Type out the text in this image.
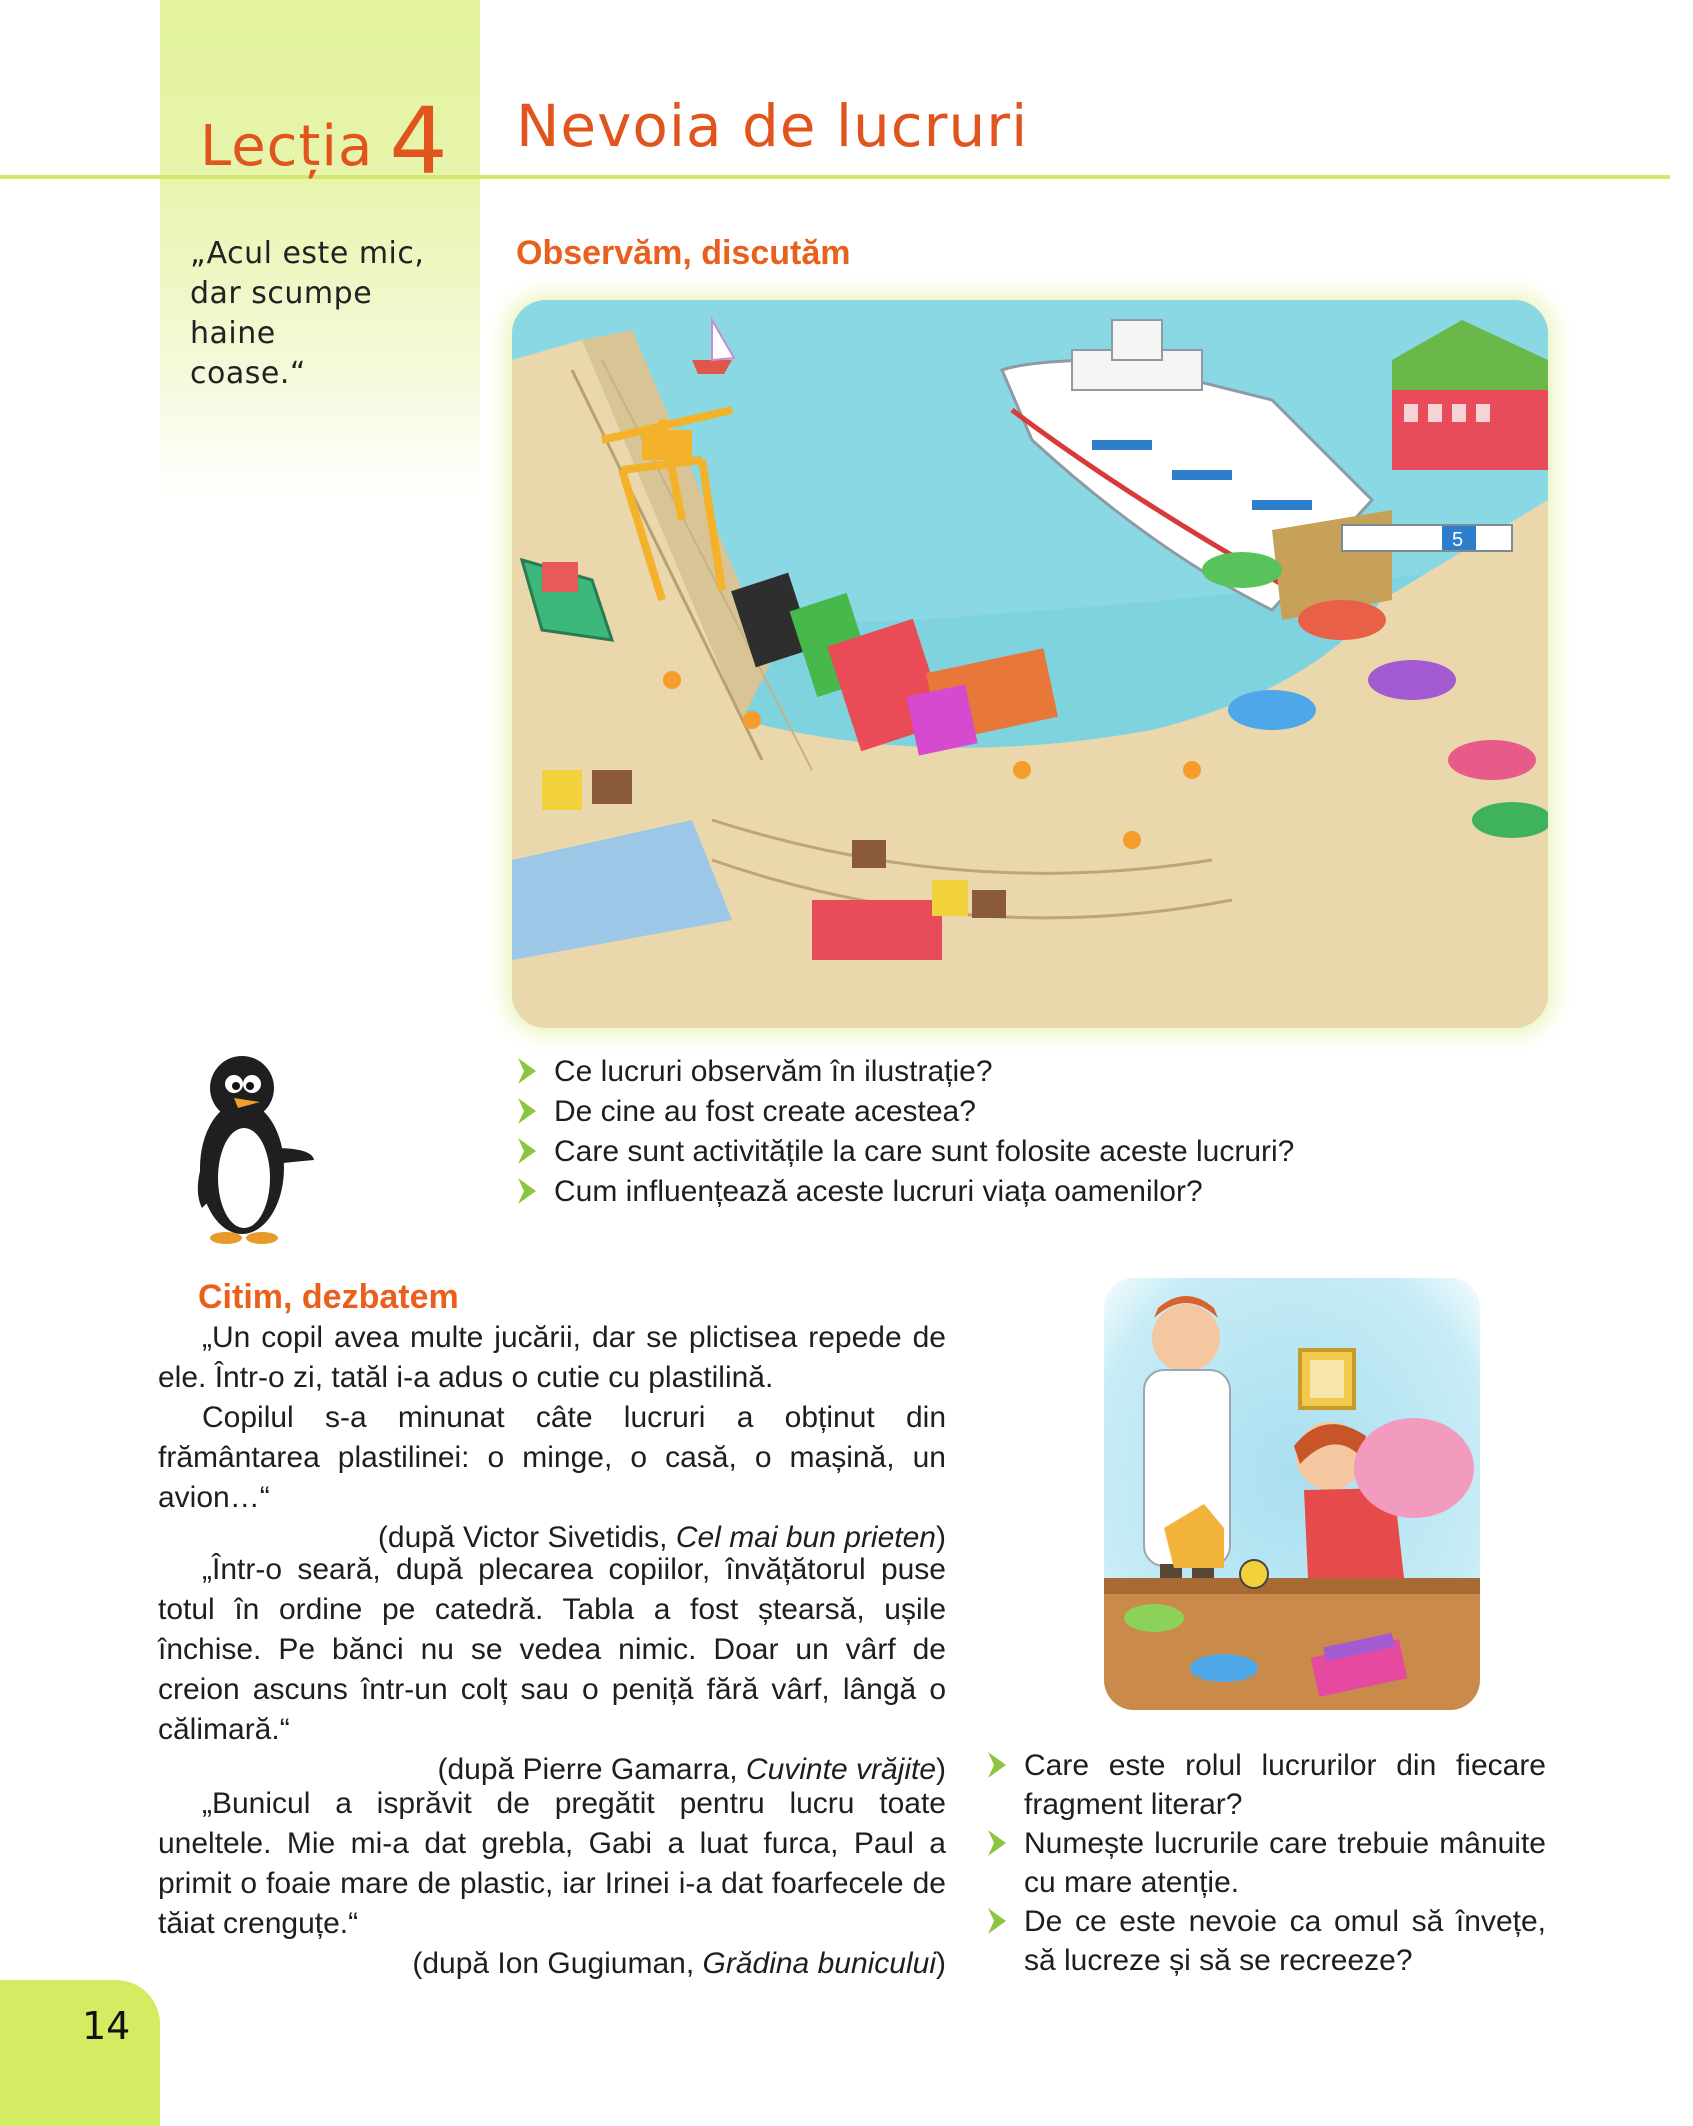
Lecția 4 Nevoia de lucruri
„Acul este mic,
dar scumpe haine
coase.“
Observăm, discutăm
5
Ce lucruri observăm în ilustrație?
De cine au fost create acestea?
Care sunt activitățile la care sunt folosite aceste lucruri?
Cum influențează aceste lucruri viața oamenilor?
Citim, dezbatem
„Un copil avea multe jucării, dar se plictisea repede de ele. Într-o zi, tatăl i-a adus o cutie cu plastilină.
Copilul s-a minunat câte lucruri a obținut din frământarea plastilinei: o minge, o casă, o mașină, un avion…“
(după Victor Sivetidis, Cel mai bun prieten)
„Într-o seară, după plecarea copiilor, învățătorul puse totul în ordine pe catedră. Tabla a fost ștearsă, ușile închise. Pe bănci nu se vedea nimic. Doar un vârf de creion ascuns într-un colț sau o peniță fără vârf, lângă o călimară.“
(după Pierre Gamarra, Cuvinte vrăjite)
„Bunicul a isprăvit de pregătit pentru lucru toate uneltele. Mie mi-a dat grebla, Gabi a luat furca, Paul a primit o foaie mare de plastic, iar Irinei i-a dat foarfecele de tăiat crenguțe.“
(după Ion Gugiuman, Grădina bunicului)
Care este rolul lucrurilor din fiecare fragment literar?
Numește lucrurile care trebuie mânuite cu mare atenție.
De ce este nevoie ca omul să învețe, să lucreze și să se recreeze?
14
